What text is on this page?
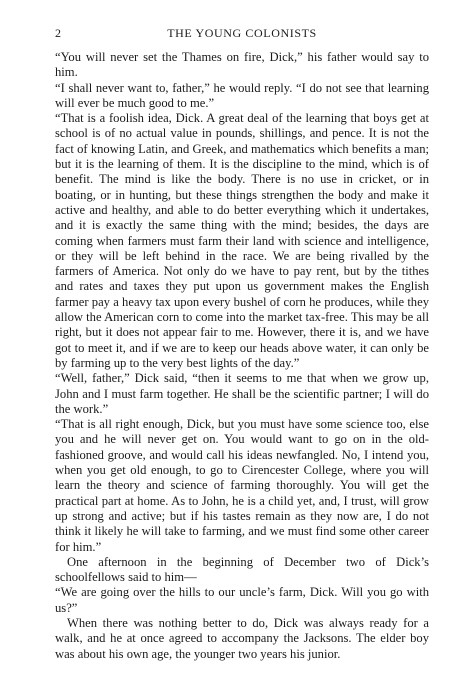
2	THE YOUNG COLONISTS

“You will never set the Thames on fire, Dick,” his father would say to him.

“I shall never want to, father,” he would reply. “I do not see that learning will ever be much good to me.”

“That is a foolish idea, Dick. A great deal of the learning that boys get at school is of no actual value in pounds, shillings, and pence. It is not the fact of knowing Latin, and Greek, and mathematics which benefits a man; but it is the learning of them. It is the discipline to the mind, which is of benefit. The mind is like the body. There is no use in cricket, or in boating, or in hunting, but these things strengthen the body and make it active and healthy, and able to do better everything which it undertakes, and it is exactly the same thing with the mind; besides, the days are coming when farmers must farm their land with science and intelligence, or they will be left behind in the race. We are being rivalled by the farmers of America. Not only do we have to pay rent, but by the tithes and rates and taxes they put upon us government makes the English farmer pay a heavy tax upon every bushel of corn he produces, while they allow the American corn to come into the market tax-free. This may be all right, but it does not appear fair to me. However, there it is, and we have got to meet it, and if we are to keep our heads above water, it can only be by farming up to the very best lights of the day.”

“Well, father,” Dick said, “then it seems to me that when we grow up, John and I must farm together. He shall be the scientific partner; I will do the work.”

“That is all right enough, Dick, but you must have some science too, else you and he will never get on. You would want to go on in the old-fashioned groove, and would call his ideas newfangled. No, I intend you, when you get old enough, to go to Cirencester College, where you will learn the theory and science of farming thoroughly. You will get the practical part at home. As to John, he is a child yet, and, I trust, will grow up strong and active; but if his tastes remain as they now are, I do not think it likely he will take to farming, and we must find some other career for him.”

One afternoon in the beginning of December two of Dick’s schoolfellows said to him—

“We are going over the hills to our uncle’s farm, Dick. Will you go with us?”

When there was nothing better to do, Dick was always ready for a walk, and he at once agreed to accompany the Jacksons. The elder boy was about his own age, the younger two years his junior.
